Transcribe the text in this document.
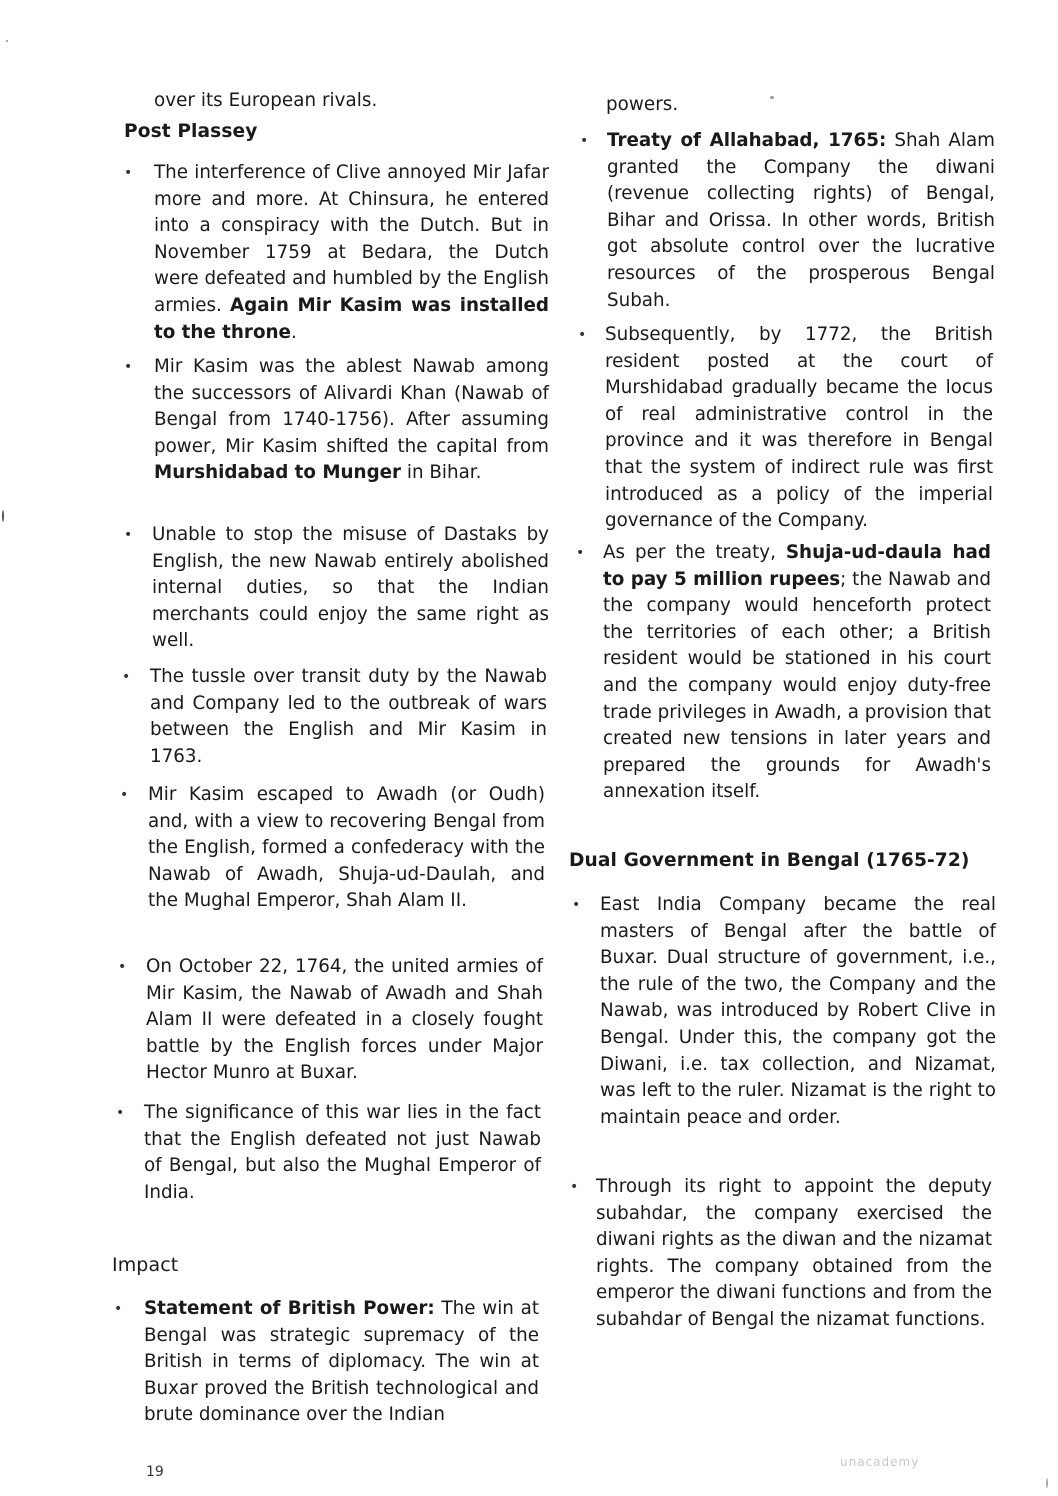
over its European rivals.
Post Plassey
• The interference of Clive annoyed Mir Jafar more and more. At Chinsura, he entered into a conspiracy with the Dutch. But in November 1759 at Bedara, the Dutch were defeated and humbled by the English armies. Again Mir Kasim was installed to the throne.
• Mir Kasim was the ablest Nawab among the successors of Alivardi Khan (Nawab of Bengal from 1740-1756). After assuming power, Mir Kasim shifted the capital from Murshidabad to Munger in Bihar.
• Unable to stop the misuse of Dastaks by English, the new Nawab entirely abolished internal duties, so that the Indian merchants could enjoy the same right as well.
• The tussle over transit duty by the Nawab and Company led to the outbreak of wars between the English and Mir Kasim in 1763.
• Mir Kasim escaped to Awadh (or Oudh) and, with a view to recovering Bengal from the English, formed a confederacy with the Nawab of Awadh, Shuja-ud-Daulah, and the Mughal Emperor, Shah Alam II.
• On October 22, 1764, the united armies of Mir Kasim, the Nawab of Awadh and Shah Alam II were defeated in a closely fought battle by the English forces under Major Hector Munro at Buxar.
• The significance of this war lies in the fact that the English defeated not just Nawab of Bengal, but also the Mughal Emperor of India.
Impact
• Statement of British Power: The win at Bengal was strategic supremacy of the British in terms of diplomacy. The win at Buxar proved the British technological and brute dominance over the Indian
powers.
• Treaty of Allahabad, 1765: Shah Alam granted the Company the diwani (revenue collecting rights) of Bengal, Bihar and Orissa. In other words, British got absolute control over the lucrative resources of the prosperous Bengal Subah.
• Subsequently, by 1772, the British resident posted at the court of Murshidabad gradually became the locus of real administrative control in the province and it was therefore in Bengal that the system of indirect rule was first introduced as a policy of the imperial governance of the Company.
• As per the treaty, Shuja-ud-daula had to pay 5 million rupees; the Nawab and the company would henceforth protect the territories of each other; a British resident would be stationed in his court and the company would enjoy duty-free trade privileges in Awadh, a provision that created new tensions in later years and prepared the grounds for Awadh's annexation itself.
Dual Government in Bengal (1765-72)
• East India Company became the real masters of Bengal after the battle of Buxar. Dual structure of government, i.e., the rule of the two, the Company and the Nawab, was introduced by Robert Clive in Bengal. Under this, the company got the Diwani, i.e. tax collection, and Nizamat, was left to the ruler. Nizamat is the right to maintain peace and order.
• Through its right to appoint the deputy subahdar, the company exercised the diwani rights as the diwan and the nizamat rights. The company obtained from the emperor the diwani functions and from the subahdar of Bengal the nizamat functions.
19
unacademy
